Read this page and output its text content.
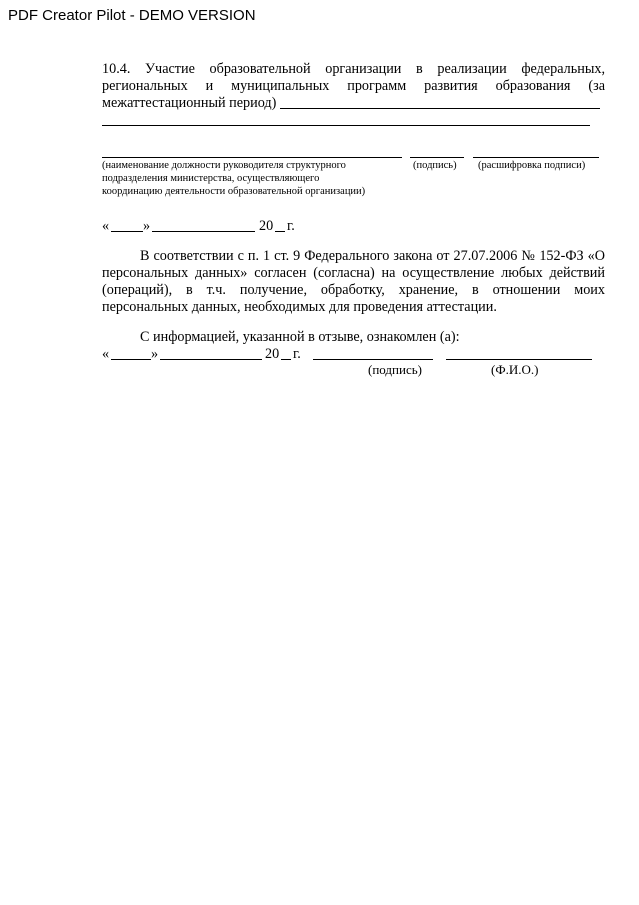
PDF Creator Pilot - DEMO VERSION
10.4. Участие образовательной организации в реализации федеральных,
региональных и муниципальных программ развития образования (за
межаттестационный период)
(наименование должности руководителя структурного
подразделения министерства, осуществляющего
координацию деятельности образовательной организации)
(подпись) (расшифровка подписи)
« »	20 г.
В соответствии с п. 1 ст. 9 Федерального закона от 27.07.2006 № 152-ФЗ «О
персональных данных» согласен (согласна) на осуществление любых действий
(операций), в т.ч. получение, обработку, хранение, в отношении моих
персональных данных, необходимых для проведения аттестации.
С информацией, указанной в отзыве, ознакомлен (а):
«	»	20 г.
(подпись)	(Ф.И.О.)
